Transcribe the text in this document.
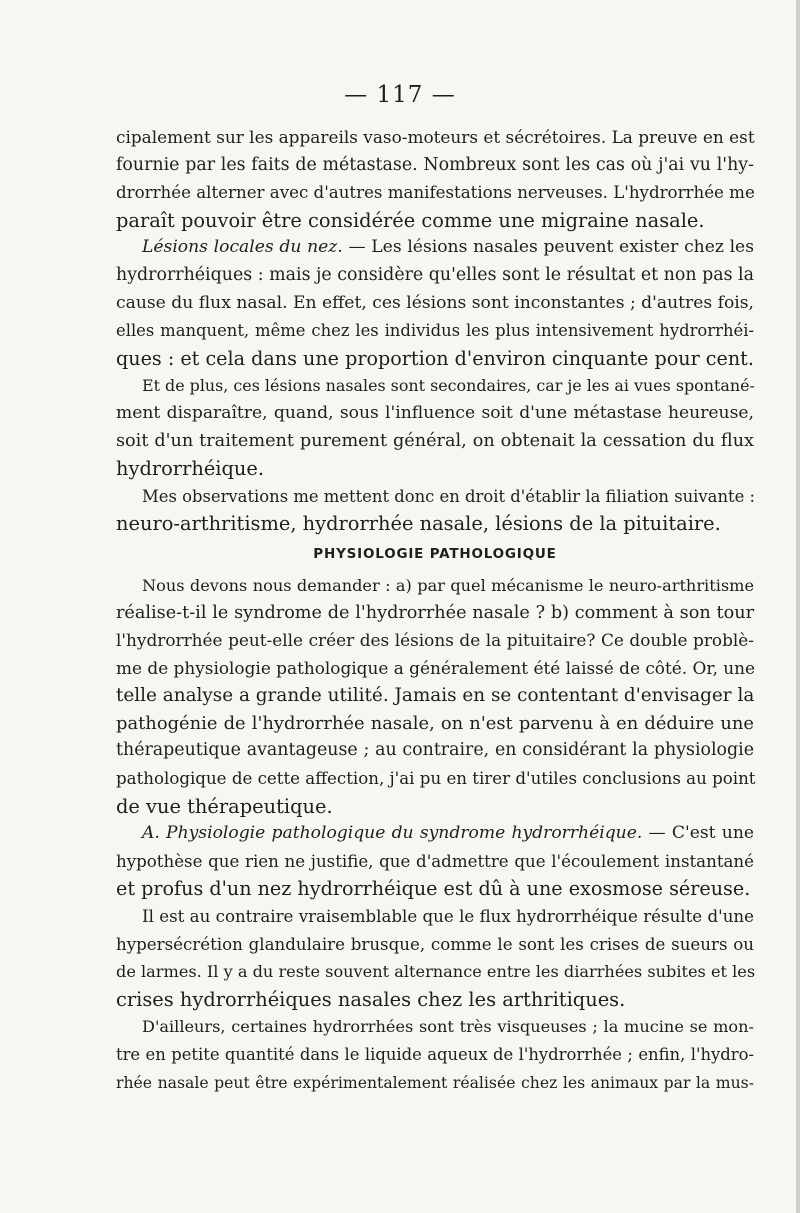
— 117 —
cipalement sur les appareils vaso-moteurs et sécrétoires. La preuve en est
fournie par les faits de métastase. Nombreux sont les cas où j'ai vu l'hy-
drorrhée alterner avec d'autres manifestations nerveuses. L'hydrorrhée me
paraît pouvoir être considérée comme une migraine nasale.
Lésions locales du nez. — Les lésions nasales peuvent exister chez les
hydrorrhéiques : mais je considère qu'elles sont le résultat et non pas la
cause du flux nasal. En effet, ces lésions sont inconstantes ; d'autres fois,
elles manquent, même chez les individus les plus intensivement hydrorrhéi-
ques : et cela dans une proportion d'environ cinquante pour cent.
Et de plus, ces lésions nasales sont secondaires, car je les ai vues spontané-
ment disparaître, quand, sous l'influence soit d'une métastase heureuse,
soit d'un traitement purement général, on obtenait la cessation du flux
hydrorrhéique.
Mes observations me mettent donc en droit d'établir la filiation suivante :
neuro-arthritisme, hydrorrhée nasale, lésions de la pituitaire.
PHYSIOLOGIE PATHOLOGIQUE
Nous devons nous demander : a) par quel mécanisme le neuro-arthritisme
réalise-t-il le syndrome de l'hydrorrhée nasale ? b) comment à son tour
l'hydrorrhée peut-elle créer des lésions de la pituitaire? Ce double problè-
me de physiologie pathologique a généralement été laissé de côté. Or, une
telle analyse a grande utilité. Jamais en se contentant d'envisager la
pathogénie de l'hydrorrhée nasale, on n'est parvenu à en déduire une
thérapeutique avantageuse ; au contraire, en considérant la physiologie
pathologique de cette affection, j'ai pu en tirer d'utiles conclusions au point
de vue thérapeutique.
A. Physiologie pathologique du syndrome hydrorrhéique. — C'est une
hypothèse que rien ne justifie, que d'admettre que l'écoulement instantané
et profus d'un nez hydrorrhéique est dû à une exosmose séreuse.
Il est au contraire vraisemblable que le flux hydrorrhéique résulte d'une
hypersécrétion glandulaire brusque, comme le sont les crises de sueurs ou
de larmes. Il y a du reste souvent alternance entre les diarrhées subites et les
crises hydrorrhéiques nasales chez les arthritiques.
D'ailleurs, certaines hydrorrhées sont très visqueuses ; la mucine se mon-
tre en petite quantité dans le liquide aqueux de l'hydrorrhée ; enfin, l'hydro-
rhée nasale peut être expérimentalement réalisée chez les animaux par la mus-
